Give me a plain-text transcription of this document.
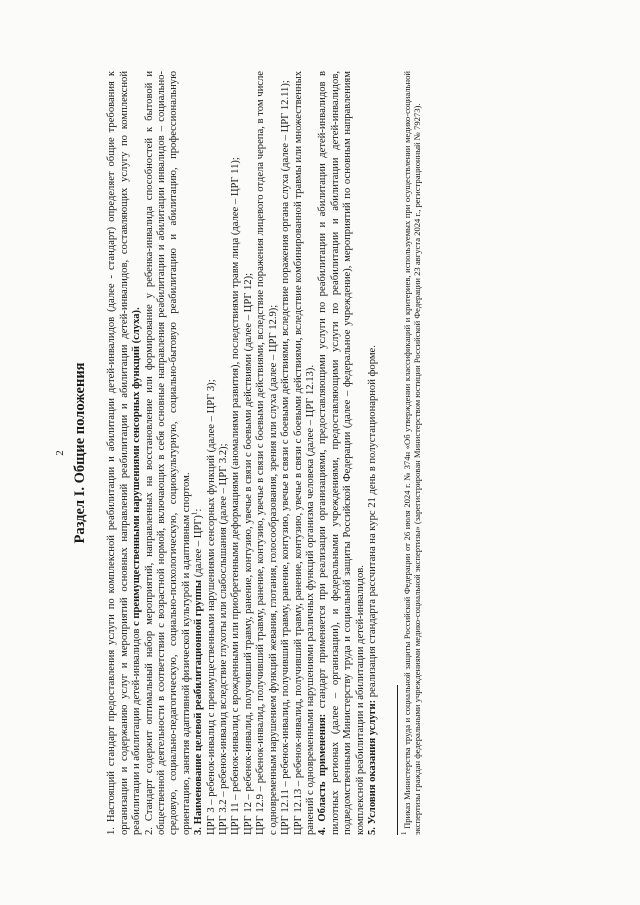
2 Раздел I. Общие положения 1. Настоящий стандарт предоставления услуги по комплексной реабилитации и абилитации детей-инвалидов (далее - стандарт) определяет общие требования к организации и содержанию услуг и мероприятий основных направлений реабилитации и абилитации детей-инвалидов, составляющих услугу по комплексной реабилитации и абилитации детей-инвалидов с преимущественными нарушениями сенсорных функций (слуха). 2. Стандарт содержит оптимальный набор мероприятий, направленных на восстановление или формирование у ребенка-инвалида способностей к бытовой и общественной деятельности в соответствии с возрастной нормой, включающих в себя основные направления реабилитации и абилитации инвалидов – социально-средовую, социально-педагогическую, социально-психологическую, социокультурную, социально-бытовую реабилитацию и абилитацию, профессиональную ориентацию, занятия адаптивной физической культурой и адаптивным спортом. 3. Наименование целевой реабилитационной группы (далее – ЦРГ)$^1$: ЦРГ 3 – ребенок-инвалид с преимущественными нарушениями сенсорных функций (далее – ЦРГ 3); ЦРГ 3.2 – ребенок-инвалид вследствие глухоты или слабослышания (далее – ЦРГ 3.2); ЦРГ 11 – ребенок-инвалид с врожденными или приобретенными деформациями (аномалиями развития), последствиями травм лица (далее – ЦРГ 11); ЦРГ 12 – ребенок-инвалид, получивший травму, ранение, контузию, увечье в связи с боевыми действиями (далее – ЦРГ 12); ЦРГ 12.9 – ребенок-инвалид, получивший травму, ранение, контузию, увечье в связи с боевыми действиями, вследствие поражения лицевого отдела черепа, в том числе с одновременным нарушением функций жевания, глотания, голосообразования, зрения или слуха (далее – ЦРГ 12.9); ЦРГ 12.11 – ребенок-инвалид, получивший травму, ранение, контузию, увечье в связи с боевыми действиями, вследствие поражения органа слуха (далее – ЦРГ 12.11); ЦРГ 12.13 – ребенок-инвалид, получивший травму, ранение, контузию, увечье в связи с боевыми действиями, вследствие комбинированной травмы или множественных ранений с одновременными нарушениями различных функций организма человека (далее – ЦРГ 12.13). 4. Область применения: стандарт применяется при реализации организациями, предоставляющими услуги по реабилитации и абилитации детей-инвалидов в пилотных регионах (далее – организации), и федеральными учреждениями, предоставляющими услуги по реабилитации и абилитации детей-инвалидов, подведомственными Министерству труда и социальной защиты Российской Федерации (далее – федеральное учреждение), мероприятий по основным направлениям комплексной реабилитации и абилитации детей-инвалидов. 5. Условия оказания услуги: реализация стандарта рассчитана на курс 21 день в полустационарной форме.

$^1$ Приказ Министерства труда и социальной защиты Российской Федерации от 26 июля 2024 г. № 374н «Об утверждении классификаций и критериев, используемых при осуществлении медико-социальной экспертизы граждан федеральными учреждениями медико-социальной экспертизы» (зарегистрирован Министерством юстиции Российской Федерации 23 августа 2024 г., регистрационный № 79273).
